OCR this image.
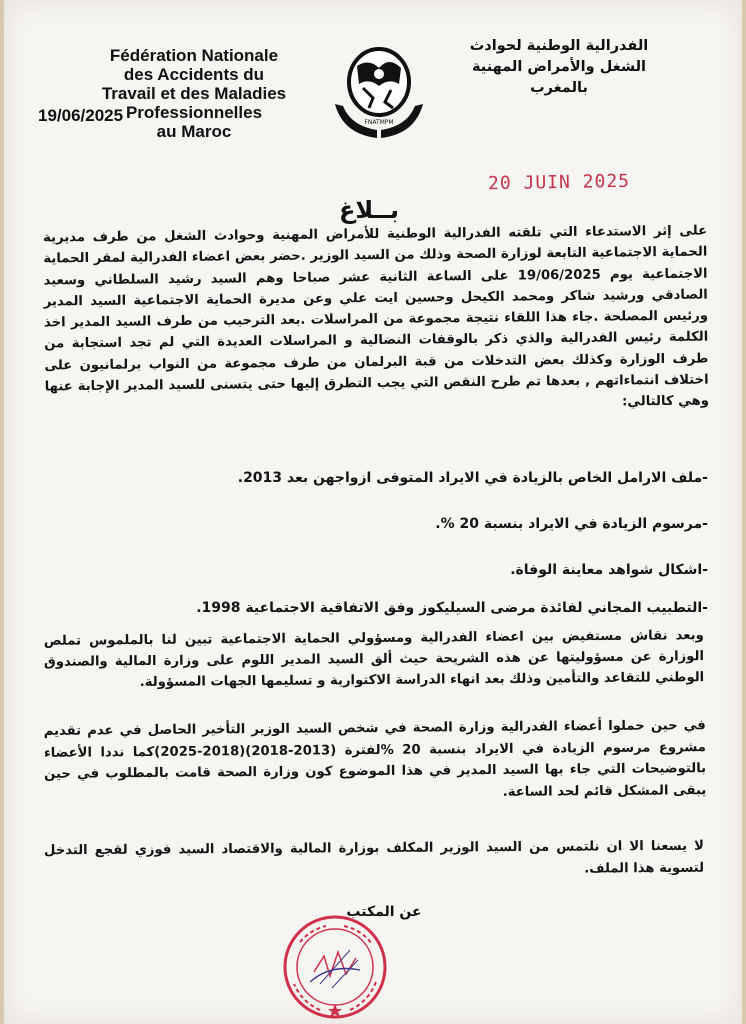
Fédération Nationale
des Accidents du
Travail et des Maladies
Professionnelles
au Maroc
19/06/2025	FNATMPM
الفدرالية الوطنية لحوادث
الشغل والأمراض المهنية
بالمغرب
20 JUIN 2025
بــلاغ

على إثر الاستدعاء التي تلقته الفدرالية الوطنية للأمراض المهنية وحوادث الشغل من طرف مديرية الحماية الاجتماعية التابعة لوزارة الصحة وذلك من السيد الوزير .حضر بعض اعضاء الفدرالية لمقر الحماية الاجتماعية يوم 19/06/2025 على الساعة الثانية عشر صباحا وهم السيد رشيد السلطاني وسعيد الصادقي ورشيد شاكر ومحمد الكيحل وحسين ايت علي وعن مديرة الحماية الاجتماعية السيد المدير ورئيس المصلحة .جاء هذا اللقاء نتيجة مجموعة من المراسلات .بعد الترحيب من طرف السيد المدير اخذ الكلمة رئيس الفدرالية والذي ذكر بالوقفات النضالية و المراسلات العديدة التي لم تجد استجابة من طرف الوزارة وكذلك بعض التدخلات من قبة البرلمان من طرف مجموعة من النواب برلمانيون على اختلاف انتماءاتهم , بعدها تم طرح النقص التي يجب التطرق إليها حتى يتسنى للسيد المدير الإجابة عنها وهي كالتالي:

-ملف الارامل الخاص بالزيادة في الايراد المتوفى ازواجهن بعد 2013.
-مرسوم الزيادة في الايراد بنسبة 20 %.
-اشكال شواهد معاينة الوفاة.
-التطبيب المجاني لفائدة مرضى السيليكوز وفق الاتفاقية الاجتماعية 1998.

وبعد نقاش مستفيض بين اعضاء الفدرالية ومسؤولي الحماية الاجتماعية تبين لنا بالملموس تملص الوزارة عن مسؤوليتها عن هذه الشريحة حيث ألق السيد المدير اللوم على وزارة المالية والصندوق الوطني للتقاعد والتأمين وذلك بعد انهاء الدراسة الاكتوارية و تسليمها الجهات المسؤولة.

في حين حملوا أعضاء الفدرالية وزارة الصحة في شخص السيد الوزير التأخير الحاصل في عدم تقديم مشروع مرسوم الزيادة في الايراد بنسبة 20 %لفترة (2013-2018)(2018-2025)كما نددا الأعضاء بالتوضيحات التي جاء بها السيد المدير في هذا الموضوع كون وزارة الصحة قامت بالمطلوب في حين يبقى المشكل قائم لحد الساعة.

لا يسعنا الا ان نلتمس من السيد الوزير المكلف بوزارة المالية والاقتصاد السيد فوزي لقجع التدخل لتسوية هذا الملف.

عن المكتب
